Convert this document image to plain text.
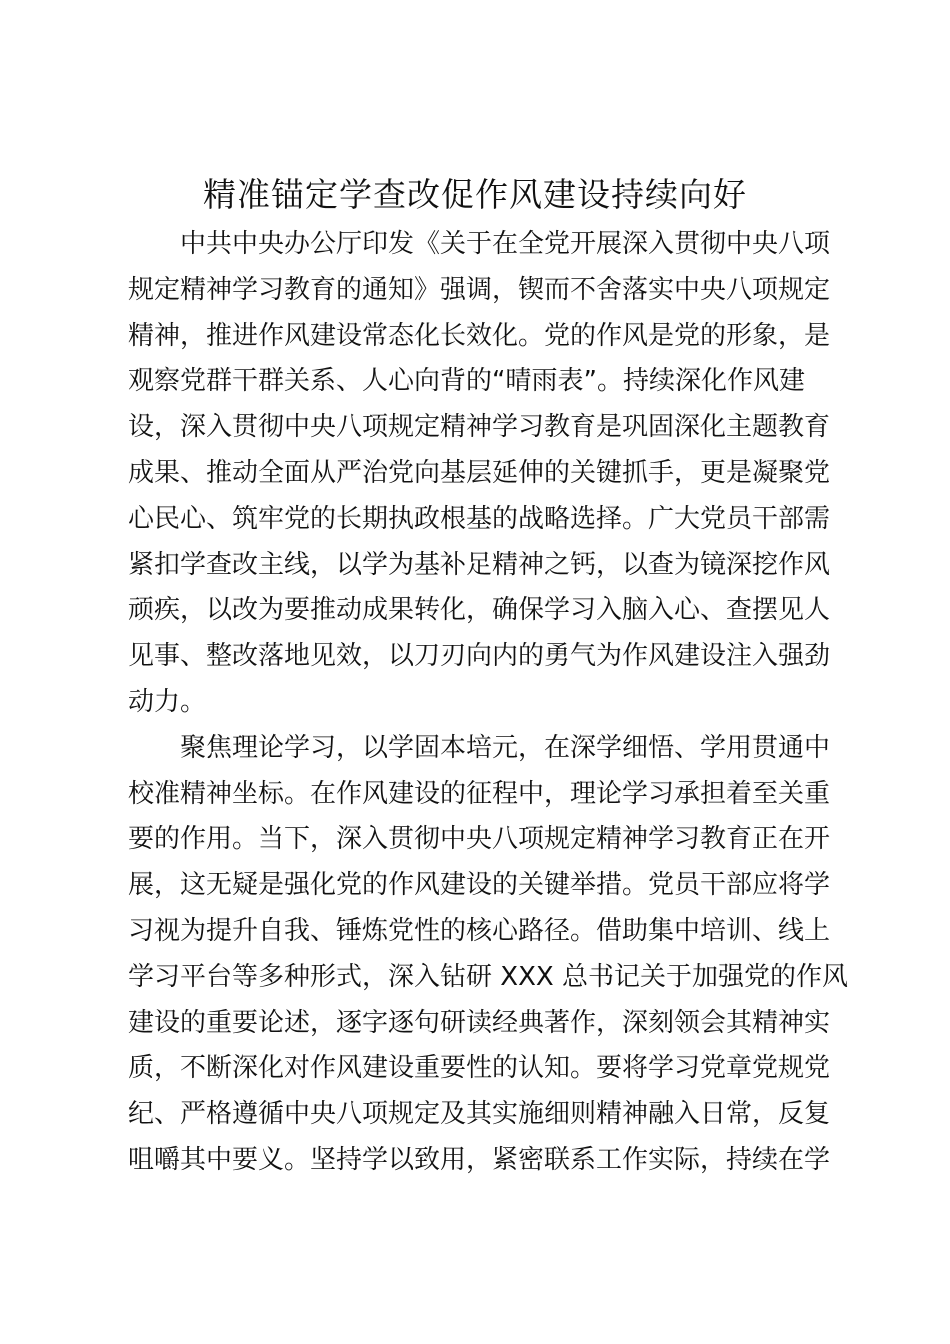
精准锚定学查改促作风建设持续向好
　　中共中央办公厅印发《关于在全党开展深入贯彻中央八项
规定精神学习教育的通知》强调，锲而不舍落实中央八项规定
精神，推进作风建设常态化长效化。党的作风是党的形象，是
观察党群干群关系、人心向背的“晴雨表”。持续深化作风建
设，深入贯彻中央八项规定精神学习教育是巩固深化主题教育
成果、推动全面从严治党向基层延伸的关键抓手，更是凝聚党
心民心、筑牢党的长期执政根基的战略选择。广大党员干部需
紧扣学查改主线，以学为基补足精神之钙，以查为镜深挖作风
顽疾，以改为要推动成果转化，确保学习入脑入心、查摆见人
见事、整改落地见效，以刀刃向内的勇气为作风建设注入强劲
动力。
　　聚焦理论学习，以学固本培元，在深学细悟、学用贯通中
校准精神坐标。在作风建设的征程中，理论学习承担着至关重
要的作用。当下，深入贯彻中央八项规定精神学习教育正在开
展，这无疑是强化党的作风建设的关键举措。党员干部应将学
习视为提升自我、锤炼党性的核心路径。借助集中培训、线上
学习平台等多种形式，深入钻研 XXX 总书记关于加强党的作风
建设的重要论述，逐字逐句研读经典著作，深刻领会其精神实
质，不断深化对作风建设重要性的认知。要将学习党章党规党
纪、严格遵循中央八项规定及其实施细则精神融入日常，反复
咀嚼其中要义。坚持学以致用，紧密联系工作实际，持续在学
